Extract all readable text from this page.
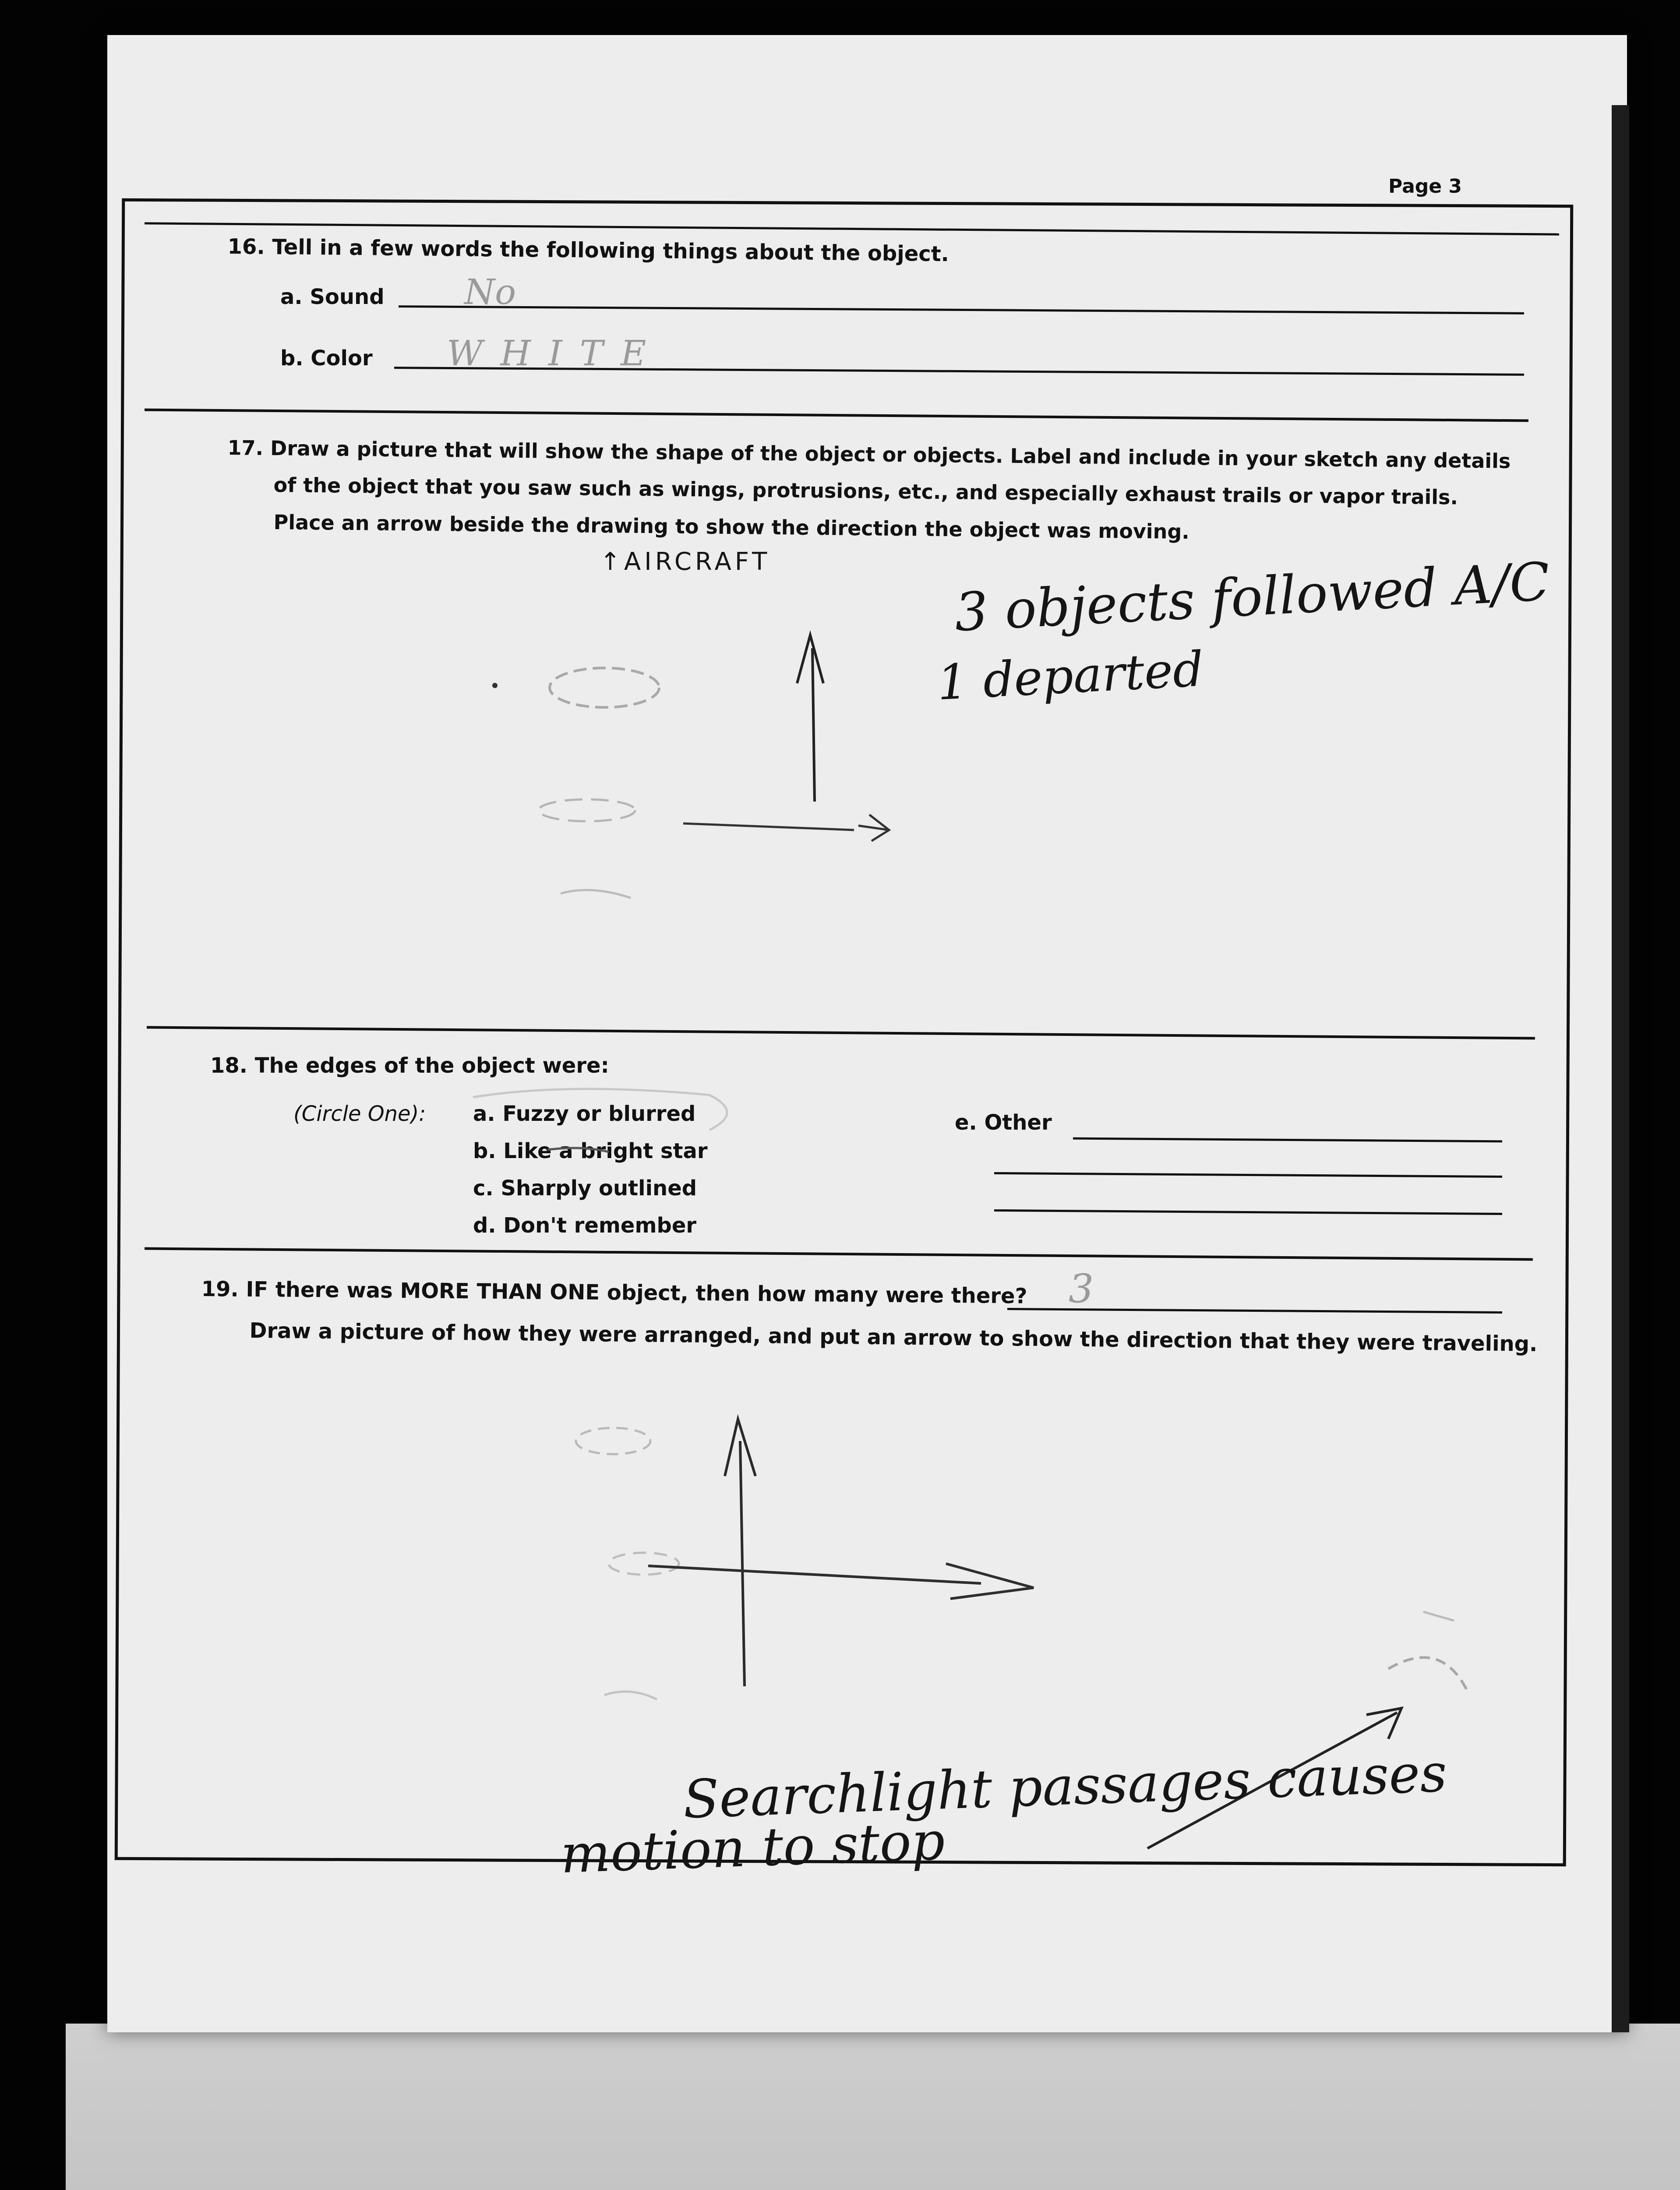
Page 3
16. Tell in a few words the following things about the object.
a. Sound No
b. Color WHITE
17. Draw a picture that will show the shape of the object or objects. Label and include in your sketch any details
of the object that you saw such as wings, protrusions, etc., and especially exhaust trails or vapor trails.
Place an arrow beside the drawing to show the direction the object was moving.
↑AIRCRAFT	3 objects followed A/C
1 departed
18. The edges of the object were:
(Circle One): a. Fuzzy or blurred
b. Like a bright star
c. Sharply outlined
d. Don't remember
e. Other
19. IF there was MORE THAN ONE object, then how many were there? 3
Draw a picture of how they were arranged, and put an arrow to show the direction that they were traveling.
Searchlight passages causes
motion to stop
